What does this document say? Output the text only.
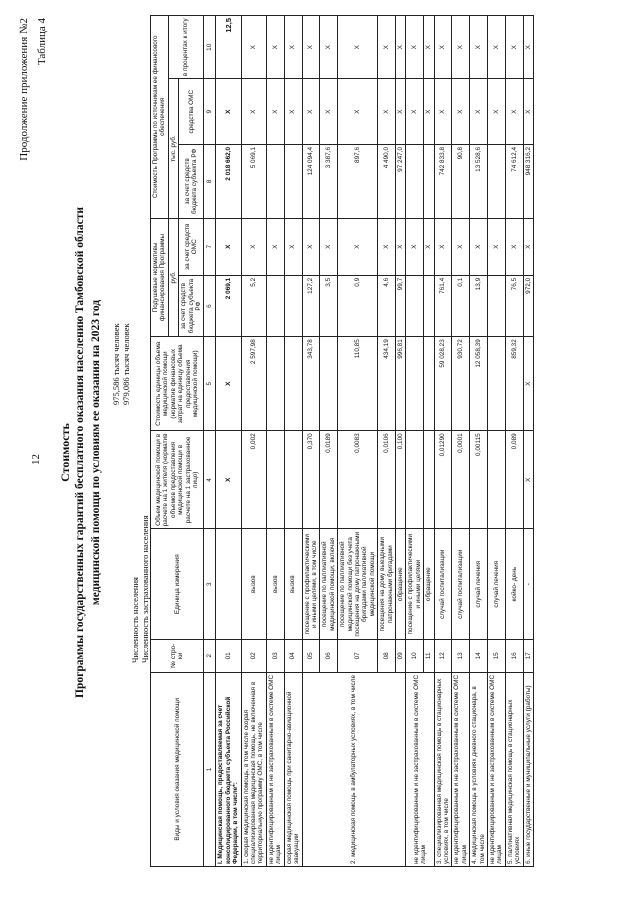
12
Продолжение приложения №2 Таблица 4
Стоимость Программы государственных гарантий бесплатного оказания населению Тамбовской области медицинской помощи по условиям ее оказания на 2023 год 975,586 тысяч человек 979,086 тысяч человек
Численность населения Численность застрахованного населения
Виды и условия оказания медицинской помощи	№ стро-ки	Единица измерения	Объем медицинской помощи в расчете на 1 жителя (норматив объемов предоставления медицинской помощи в расчете на 1 застрахованное лицо)	Стоимость единицы объема медицинской помощи (норматив финансовых затрат на единицу объема предоставления медицинской помощи)	Подушевые нормативы финансирования Программы		Стоимость Программы по источникам ее финансового обеспечения		
					руб.		тыс. руб.		в процентах к итогу
					за счет средств бюджета субъекта РФ	за счет средств ОМС	за счет средств бюджета субъекта РФ	средства ОМС	
1	2	3	4	5	6	7	8	9	10
I. Медицинская помощь, предоставляемая за счет консолидированного бюджета субъекта Российской Федерации, в том числе*:	01		X	X	2 069,1	X	2 018 662,0	X	12,5
1. скорая медицинская помощь, в том числе скорая специализированная медицинская помощь, не включенная в территориальную программу ОМС, в том числе	02	вызов	0,002	2 597,98	5,2	X	5 069,1	X	X
не идентифицированным и не застрахованным в системе ОМС лицам	03	вызов				X		X	X
скорая медицинская помощь при санитарно-авиационной эвакуации	04	вызов				X		X	X
2. медицинская помощь в амбулаторных условиях, в том числе	05	посещение с профилактическими и иными целями, в том числе	0,370	343,78	127,2	X	124 094,4	X	X
	06	посещение по паллиативной медицинской помощи, включая	0,0189		3,5	X	3 387,6	X	X
	07	посещение по паллиативной медицинской помощи без учета посещения на дому патронажными бригадами паллиативной медицинской помощи	0,0083	110,85	0,9	X	897,6	X	X
	08	посещения на дому выездными патронажными бригадами	0,0106	434,19	4,6	X	4 490,0	X	X
	09	обращение	0,100	996,81	99,7	X	97 247,0	X	X
не идентифицированным и не застрахованным в системе ОМС лицам	10	посещение с профилактическими и иными целями				X		X	X
	11	обращение				X		X	X
3. специализированная медицинская помощь в стационарных условиях, в том числе	12	случай госпитализации	0,01290	59 028,23	761,4	X	742 833,8	X	X
не идентифицированным и не застрахованным в системе ОМС лицам	13	случай госпитализации	0,0001	930,72	0,1	X	90,8	X	X
4. медицинская помощь в условиях дневного стационара, в том числе	14	случай лечения	0,00115	12 058,39	13,9	X	13 528,6	X	X
не идентифицированным и не застрахованным в системе ОМС лицам	15	случай лечения				X		X	X
5. паллиативная медицинская помощь в стационарных условиях	16	койко- день	0,089	859,32	76,5	X	74 612,4	X	X
6. иные государственные и муниципальные услуги (работы)	17	-	X	X	972,0	X	948 316,2	X	X
